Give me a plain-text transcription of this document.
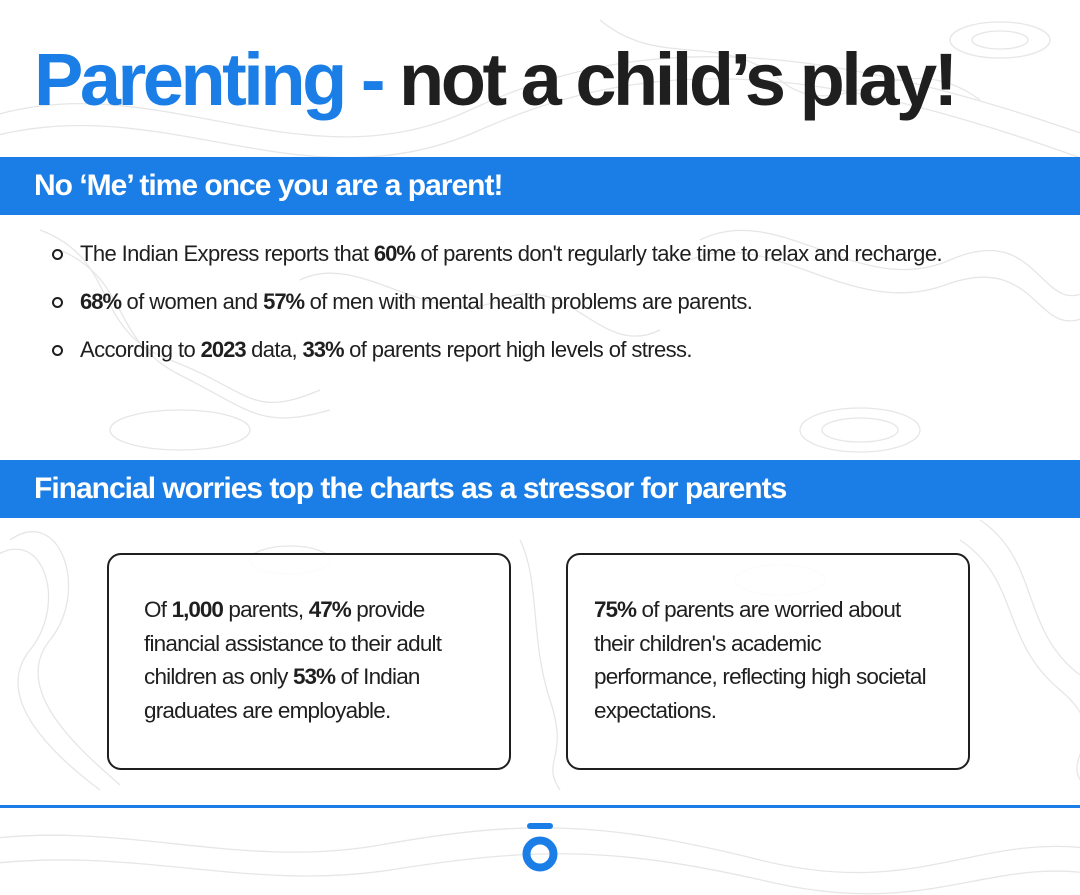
Parenting - not a child’s play!
No ‘Me’ time once you are a parent!
The Indian Express reports that 60% of parents don't regularly take time to relax and recharge.
68% of women and 57% of men with mental health problems are parents.
According to 2023 data, 33% of parents report high levels of stress.
Financial worries top the charts as a stressor for parents

Of 1,000 parents, 47% provide financial assistance to their adult children as only 53% of Indian graduates are employable.

75% of parents are worried about their children's academic performance, reflecting high societal expectations.
